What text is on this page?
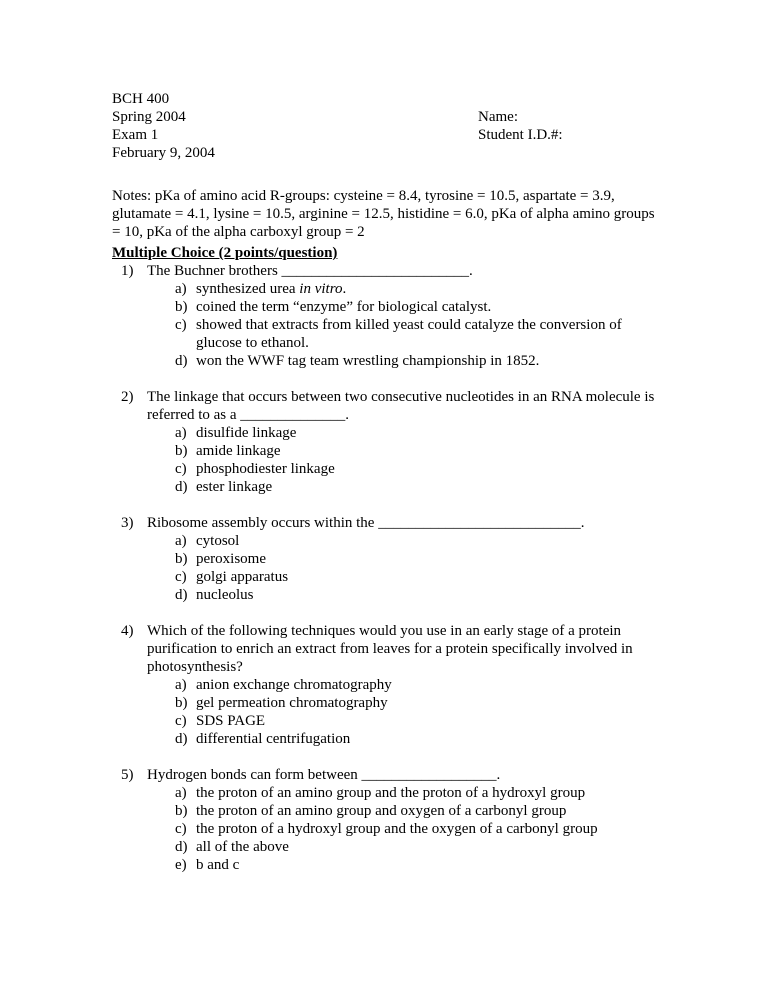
BCH 400
Spring 2004
Exam 1
February 9, 2004
Name:
Student I.D.#:
Notes: pKa of amino acid R-groups: cysteine = 8.4, tyrosine = 10.5, aspartate = 3.9, glutamate = 4.1, lysine = 10.5, arginine = 12.5, histidine = 6.0, pKa of alpha amino groups = 10, pKa of the alpha carboxyl group = 2
Multiple Choice (2 points/question)
1) The Buchner brothers _________________________.
a) synthesized urea in vitro.
b) coined the term “enzyme” for biological catalyst.
c) showed that extracts from killed yeast could catalyze the conversion of glucose to ethanol.
d) won the WWF tag team wrestling championship in 1852.
2) The linkage that occurs between two consecutive nucleotides in an RNA molecule is referred to as a ______________.
a) disulfide linkage
b) amide linkage
c) phosphodiester linkage
d) ester linkage
3) Ribosome assembly occurs within the ___________________________.
a) cytosol
b) peroxisome
c) golgi apparatus
d) nucleolus
4) Which of the following techniques would you use in an early stage of a protein purification to enrich an extract from leaves for a protein specifically involved in photosynthesis?
a) anion exchange chromatography
b) gel permeation chromatography
c) SDS PAGE
d) differential centrifugation
5) Hydrogen bonds can form between __________________.
a) the proton of an amino group and the proton of a hydroxyl group
b) the proton of an amino group and oxygen of a carbonyl group
c) the proton of a hydroxyl group and the oxygen of a carbonyl group
d) all of the above
e) b and c
